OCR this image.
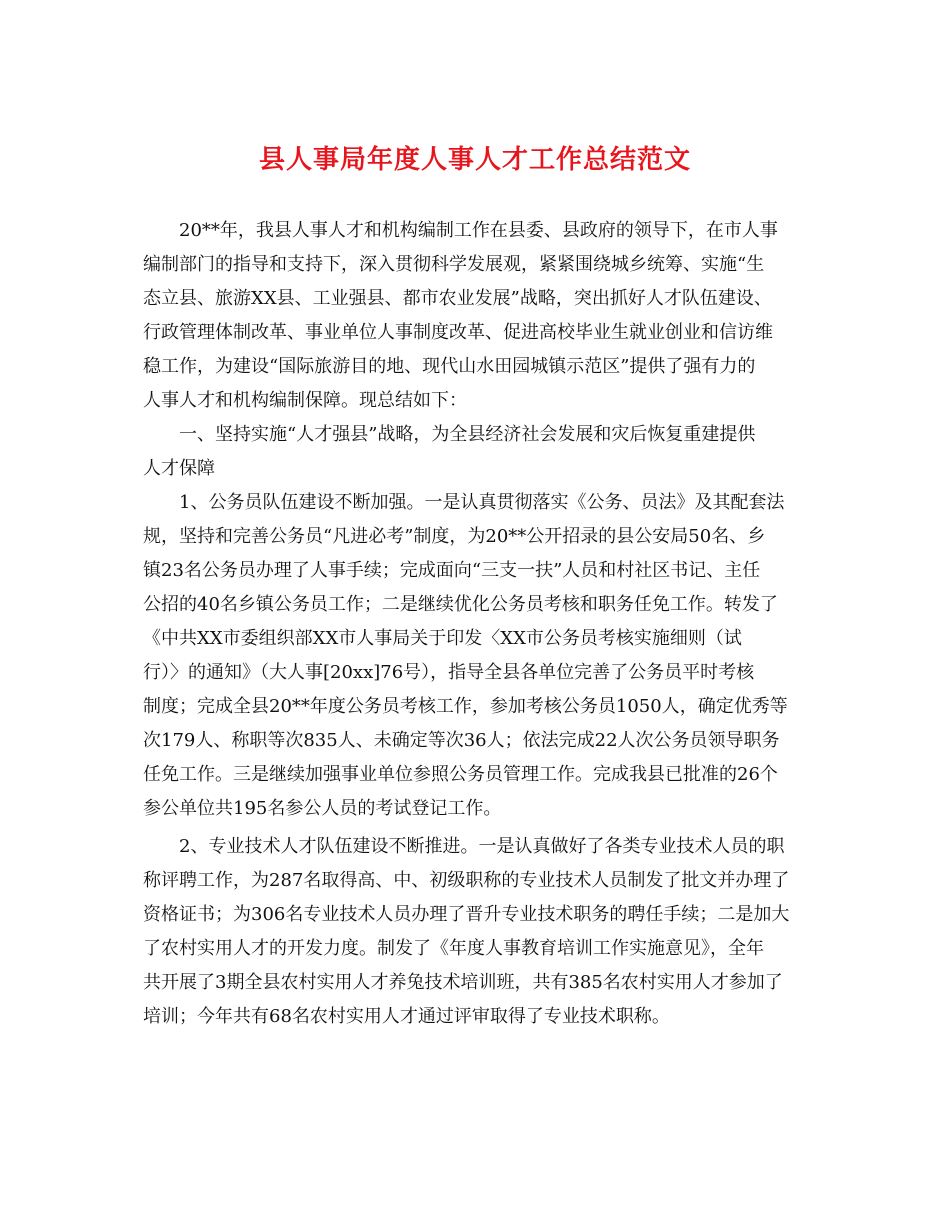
县人事局年度人事人才工作总结范文
20**年，我县人事人才和机构编制工作在县委、县政府的领导下，在市人事
编制部门的指导和支持下，深入贯彻科学发展观，紧紧围绕城乡统筹、实施“生
态立县、旅游XX县、工业强县、都市农业发展”战略，突出抓好人才队伍建设、
行政管理体制改革、事业单位人事制度改革、促进高校毕业生就业创业和信访维
稳工作，为建设“国际旅游目的地、现代山水田园城镇示范区”提供了强有力的
人事人才和机构编制保障。现总结如下：
一、坚持实施“人才强县”战略，为全县经济社会发展和灾后恢复重建提供
人才保障
1、公务员队伍建设不断加强。一是认真贯彻落实《公务、员法》及其配套法
规，坚持和完善公务员“凡进必考”制度，为20**公开招录的县公安局50名、乡
镇23名公务员办理了人事手续；完成面向“三支一扶”人员和村社区书记、主任
公招的40名乡镇公务员工作；二是继续优化公务员考核和职务任免工作。转发了
《中共XX市委组织部XX市人事局关于印发〈XX市公务员考核实施细则（试
行）〉的通知》（大人事[20xx]76号），指导全县各单位完善了公务员平时考核
制度；完成全县20**年度公务员考核工作，参加考核公务员1050人，确定优秀等
次179人、称职等次835人、未确定等次36人；依法完成22人次公务员领导职务
任免工作。三是继续加强事业单位参照公务员管理工作。完成我县已批准的26个
参公单位共195名参公人员的考试登记工作。
2、专业技术人才队伍建设不断推进。一是认真做好了各类专业技术人员的职
称评聘工作，为287名取得高、中、初级职称的专业技术人员制发了批文并办理了
资格证书；为306名专业技术人员办理了晋升专业技术职务的聘任手续；二是加大
了农村实用人才的开发力度。制发了《年度人事教育培训工作实施意见》，全年
共开展了3期全县农村实用人才养兔技术培训班，共有385名农村实用人才参加了
培训；今年共有68名农村实用人才通过评审取得了专业技术职称。
